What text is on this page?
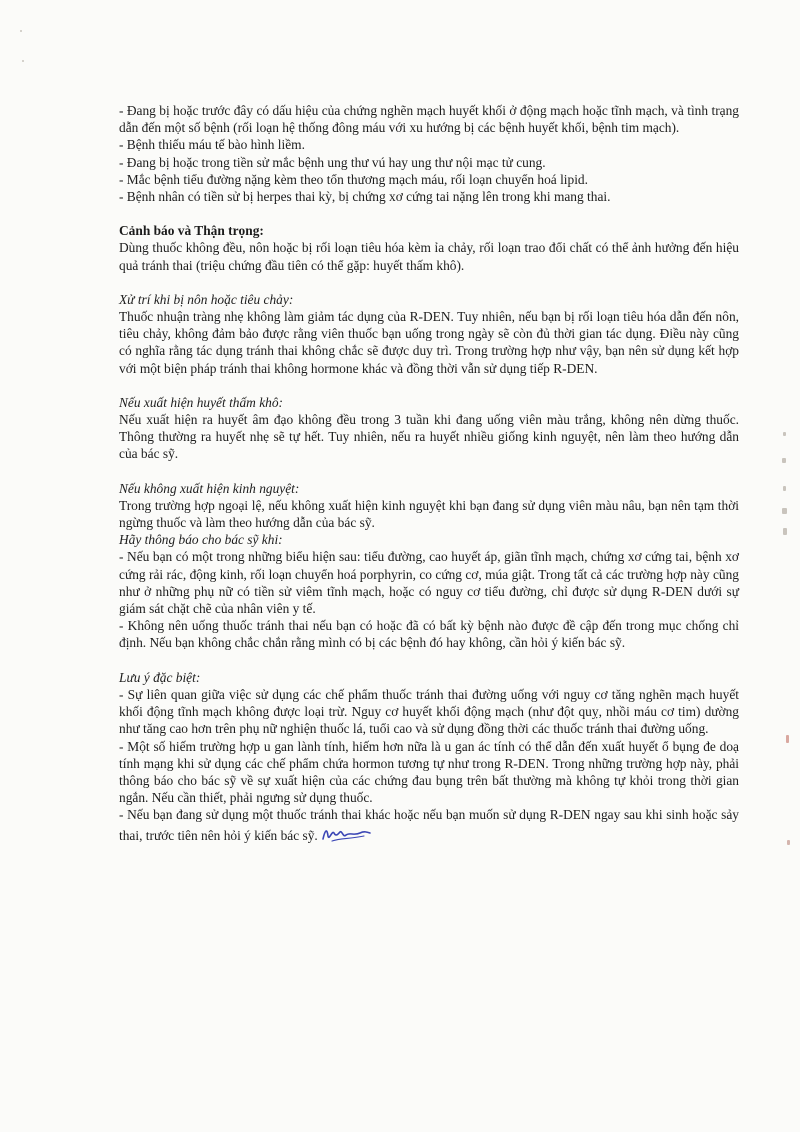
- Đang bị hoặc trước đây có dấu hiệu của chứng nghẽn mạch huyết khối ở động mạch hoặc tĩnh mạch, và tình trạng dẫn đến một số bệnh (rối loạn hệ thống đông máu với xu hướng bị các bệnh huyết khối, bệnh tim mạch).

- Bệnh thiếu máu tế bào hình liềm.

- Đang bị hoặc trong tiền sử mắc bệnh ung thư vú hay ung thư nội mạc tử cung.

- Mắc bệnh tiểu đường nặng kèm theo tổn thương mạch máu, rối loạn chuyển hoá lipid.

- Bệnh nhân có tiền sử bị herpes thai kỳ, bị chứng xơ cứng tai nặng lên trong khi mang thai.

Cảnh báo và Thận trọng:

Dùng thuốc không đều, nôn hoặc bị rối loạn tiêu hóa kèm ỉa chảy, rối loạn trao đổi chất có thể ảnh hưởng đến hiệu quả tránh thai (triệu chứng đầu tiên có thể gặp: huyết thấm khô).

Xử trí khi bị nôn hoặc tiêu chảy:

Thuốc nhuận tràng nhẹ không làm giảm tác dụng của R-DEN. Tuy nhiên, nếu bạn bị rối loạn tiêu hóa dẫn đến nôn, tiêu chảy, không đảm bảo được rằng viên thuốc bạn uống trong ngày sẽ còn đủ thời gian tác dụng. Điều này cũng có nghĩa rằng tác dụng tránh thai không chắc sẽ được duy trì. Trong trường hợp như vậy, bạn nên sử dụng kết hợp với một biện pháp tránh thai không hormone khác và đồng thời vẫn sử dụng tiếp R-DEN.

Nếu xuất hiện huyết thấm khô:

Nếu xuất hiện ra huyết âm đạo không đều trong 3 tuần khi đang uống viên màu trắng, không nên dừng thuốc. Thông thường ra huyết nhẹ sẽ tự hết. Tuy nhiên, nếu ra huyết nhiều giống kinh nguyệt, nên làm theo hướng dẫn của bác sỹ.

Nếu không xuất hiện kinh nguyệt:

Trong trường hợp ngoại lệ, nếu không xuất hiện kinh nguyệt khi bạn đang sử dụng viên màu nâu, bạn nên tạm thời ngừng thuốc và làm theo hướng dẫn của bác sỹ.

Hãy thông báo cho bác sỹ khi:

- Nếu bạn có một trong những biểu hiện sau: tiểu đường, cao huyết áp, giãn tĩnh mạch, chứng xơ cứng tai, bệnh xơ cứng rải rác, động kinh, rối loạn chuyển hoá porphyrin, co cứng cơ, múa giật. Trong tất cả các trường hợp này cũng như ở những phụ nữ có tiền sử viêm tĩnh mạch, hoặc có nguy cơ tiểu đường, chỉ được sử dụng R-DEN dưới sự giám sát chặt chẽ của nhân viên y tế.

- Không nên uống thuốc tránh thai nếu bạn có hoặc đã có bất kỳ bệnh nào được đề cập đến trong mục chống chỉ định. Nếu bạn không chắc chắn rằng mình có bị các bệnh đó hay không, cần hỏi ý kiến bác sỹ.

Lưu ý đặc biệt:

- Sự liên quan giữa việc sử dụng các chế phẩm thuốc tránh thai đường uống với nguy cơ tăng nghẽn mạch huyết khối động tĩnh mạch không được loại trừ. Nguy cơ huyết khối động mạch (như đột quỵ, nhồi máu cơ tim) dường như tăng cao hơn trên phụ nữ nghiện thuốc lá, tuổi cao và sử dụng đồng thời các thuốc tránh thai đường uống.

- Một số hiếm trường hợp u gan lành tính, hiếm hơn nữa là u gan ác tính có thể dẫn đến xuất huyết ổ bụng đe doạ tính mạng khi sử dụng các chế phẩm chứa hormon tương tự như trong R-DEN. Trong những trường hợp này, phải thông báo cho bác sỹ về sự xuất hiện của các chứng đau bụng trên bất thường mà không tự khỏi trong thời gian ngắn. Nếu cần thiết, phải ngưng sử dụng thuốc.

- Nếu bạn đang sử dụng một thuốc tránh thai khác hoặc nếu bạn muốn sử dụng R-DEN ngay sau khi sinh hoặc sảy thai, trước tiên nên hỏi ý kiến bác sỹ.
